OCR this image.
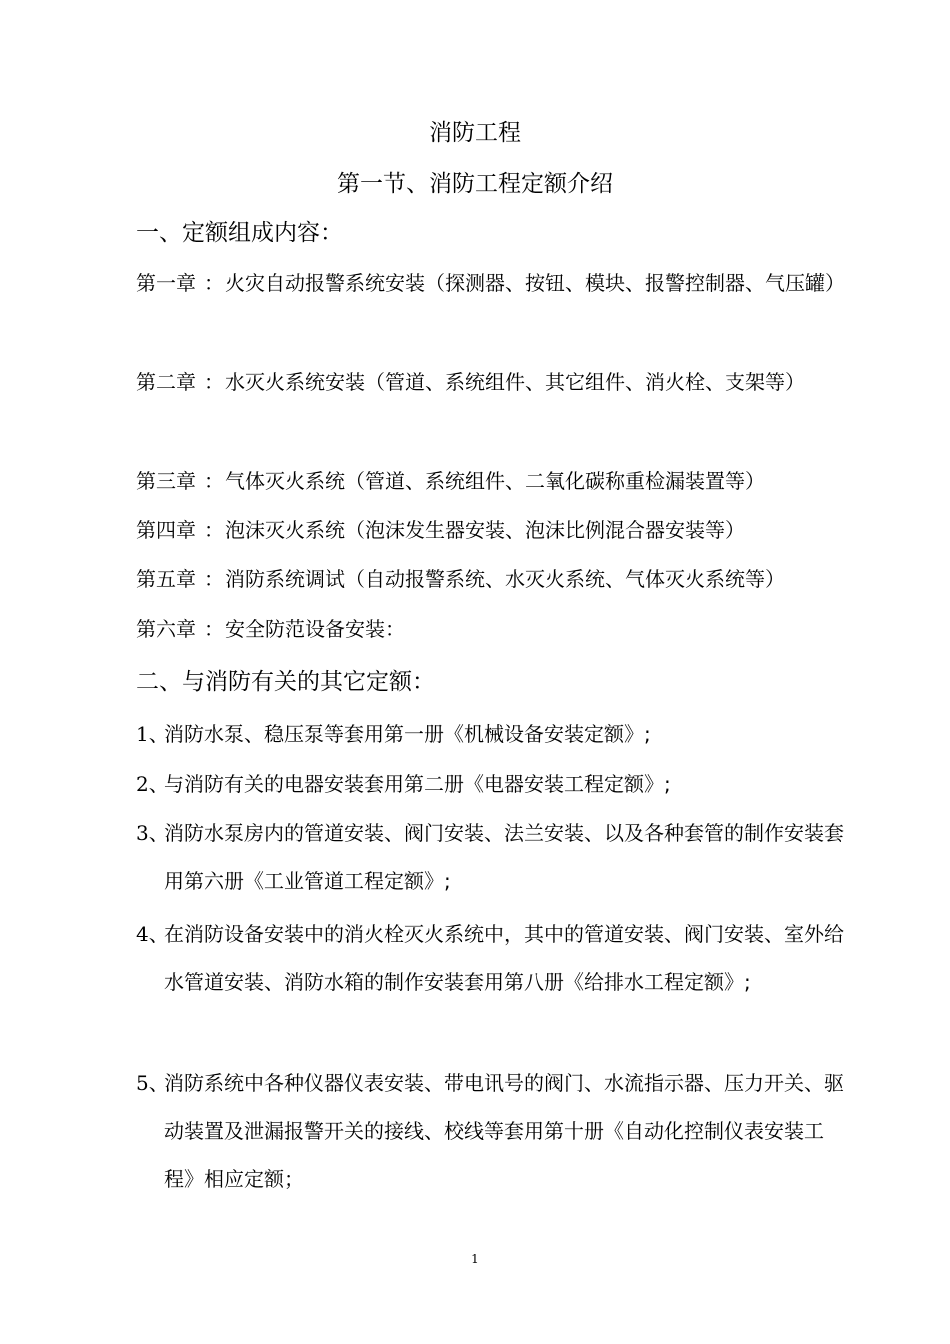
消防工程
第一节、消防工程定额介绍
一、定额组成内容：
第一章 ： 火灾自动报警系统安装（探测器、按钮、模块、报警控制器、气压罐）
第二章 ： 水灭火系统安装（管道、系统组件、其它组件、消火栓、支架等）
第三章 ： 气体灭火系统（管道、系统组件、二氧化碳称重检漏装置等）
第四章 ： 泡沫灭火系统（泡沫发生器安装、泡沫比例混合器安装等）
第五章 ： 消防系统调试（自动报警系统、水灭火系统、气体灭火系统等）
第六章 ： 安全防范设备安装：
二、与消防有关的其它定额：
1、
消防水泵、稳压泵等套用第一册《机械设备安装定额》;
2、
与消防有关的电器安装套用第二册《电器安装工程定额》;
3、
消防水泵房内的管道安装、阀门安装、法兰安装、以及各种套管的制作安装套用第六册《工业管道工程定额》;
4、
在消防设备安装中的消火栓灭火系统中，其中的管道安装、阀门安装、室外给水管道安装、消防水箱的制作安装套用第八册《给排水工程定额》;
5、
消防系统中各种仪器仪表安装、带电讯号的阀门、水流指示器、压力开关、驱动装置及泄漏报警开关的接线、校线等套用第十册《自动化控制仪表安装工程》相应定额；
1
